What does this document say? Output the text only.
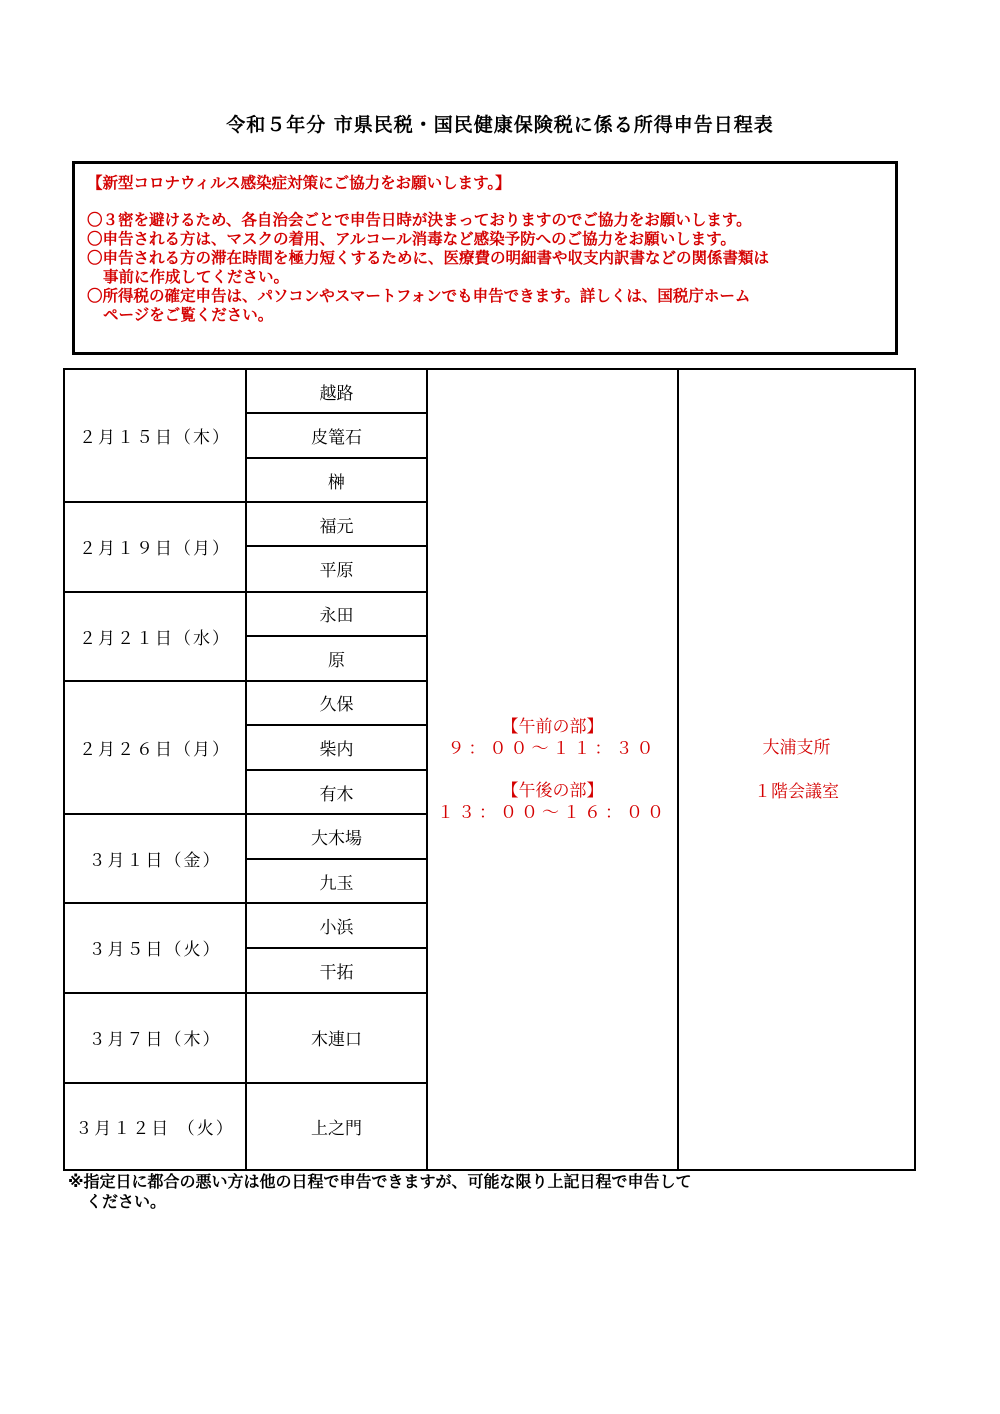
令和５年分 市県民税・国民健康保険税に係る所得申告日程表
【新型コロナウィルス感染症対策にご協力をお願いします。】
〇３密を避けるため、各自治会ごとで申告日時が決まっておりますのでご協力をお願いします。
〇申告される方は、マスクの着用、アルコール消毒など感染予防へのご協力をお願いします。
〇申告される方の滞在時間を極力短くするために、医療費の明細書や収支内訳書などの関係書類は
事前に作成してください。
〇所得税の確定申告は、パソコンやスマートフォンでも申告できます。詳しくは、国税庁ホーム
ページをご覧ください。
２月１５日（木）	越路	【午前の部】
９：００～１１：３０
【午後の部】
１３：００～１６：００	大浦支所
１階会議室

	皮篭石		
	榊		
２月１９日（月）	福元		
	平原		
２月２１日（水）	永田		
	原		
２月２６日（月）	久保		
	柴内		
	有木		
３月１日（金）	大木場		
	九玉		
３月５日（火）	小浜		
	干拓		
３月７日（木）	木連口		
３月１２日 （火）	上之門		
※指定日に都合の悪い方は他の日程で申告できますが、可能な限り上記日程で申告して
ください。
